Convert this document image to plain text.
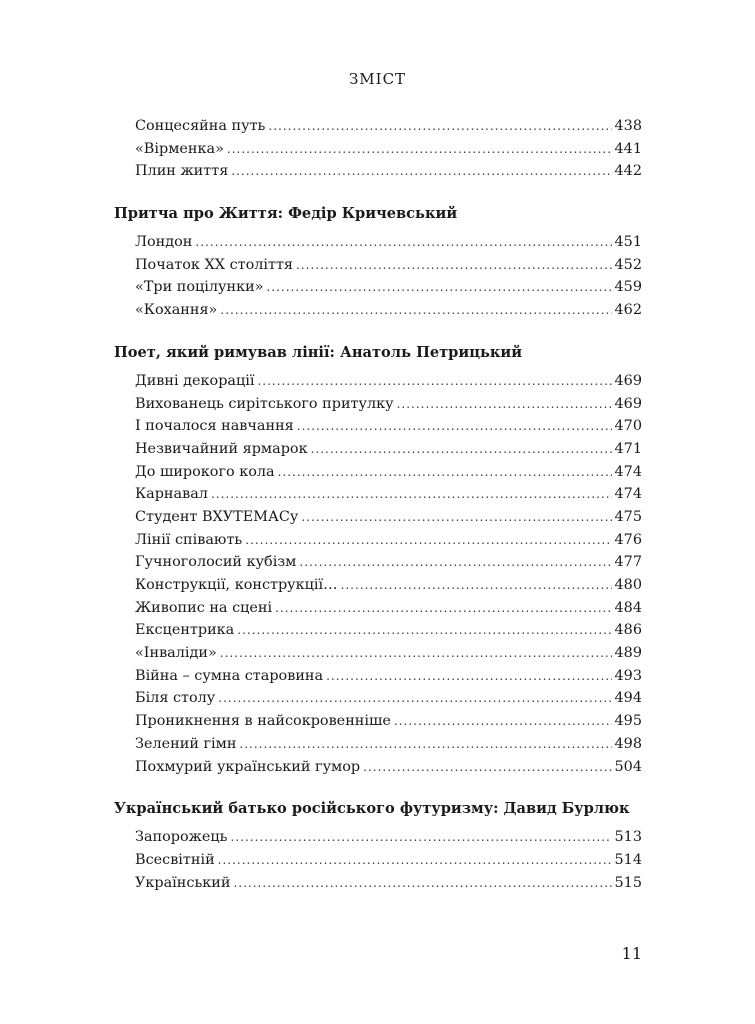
ЗМІСТ
Сонцесяйна путь .....	438
«Вірменка» .....	441
Плин життя .....	442
Притча про Життя: Федір Кричевський
Лондон .....	451
Початок ХХ століття .....	452
«Три поцілунки» .....	459
«Кохання» .....	462
Поет, який римував лінії: Анатоль Петрицький
Дивні декорації .....	469
Вихованець сирітського притулку .....	469
І почалося навчання .....	470
Незвичайний ярмарок .....	471
До широкого кола .....	474
Карнавал .....	474
Студент ВХУТЕМАСу .....	475
Лінії співають .....	476
Гучноголосий кубізм .....	477
Конструкції, конструкції… .....	480
Живопис на сцені .....	484
Ексцентрика .....	486
«Інваліди» .....	489
Війна – сумна старовина .....	493
Біля столу .....	494
Проникнення в найсокровенніше .....	495
Зелений гімн .....	498
Похмурий український гумор .....	504
Український батько російського футуризму: Давид Бурлюк
Запорожець .....	513
Всесвітній .....	514
Український .....	515
11
